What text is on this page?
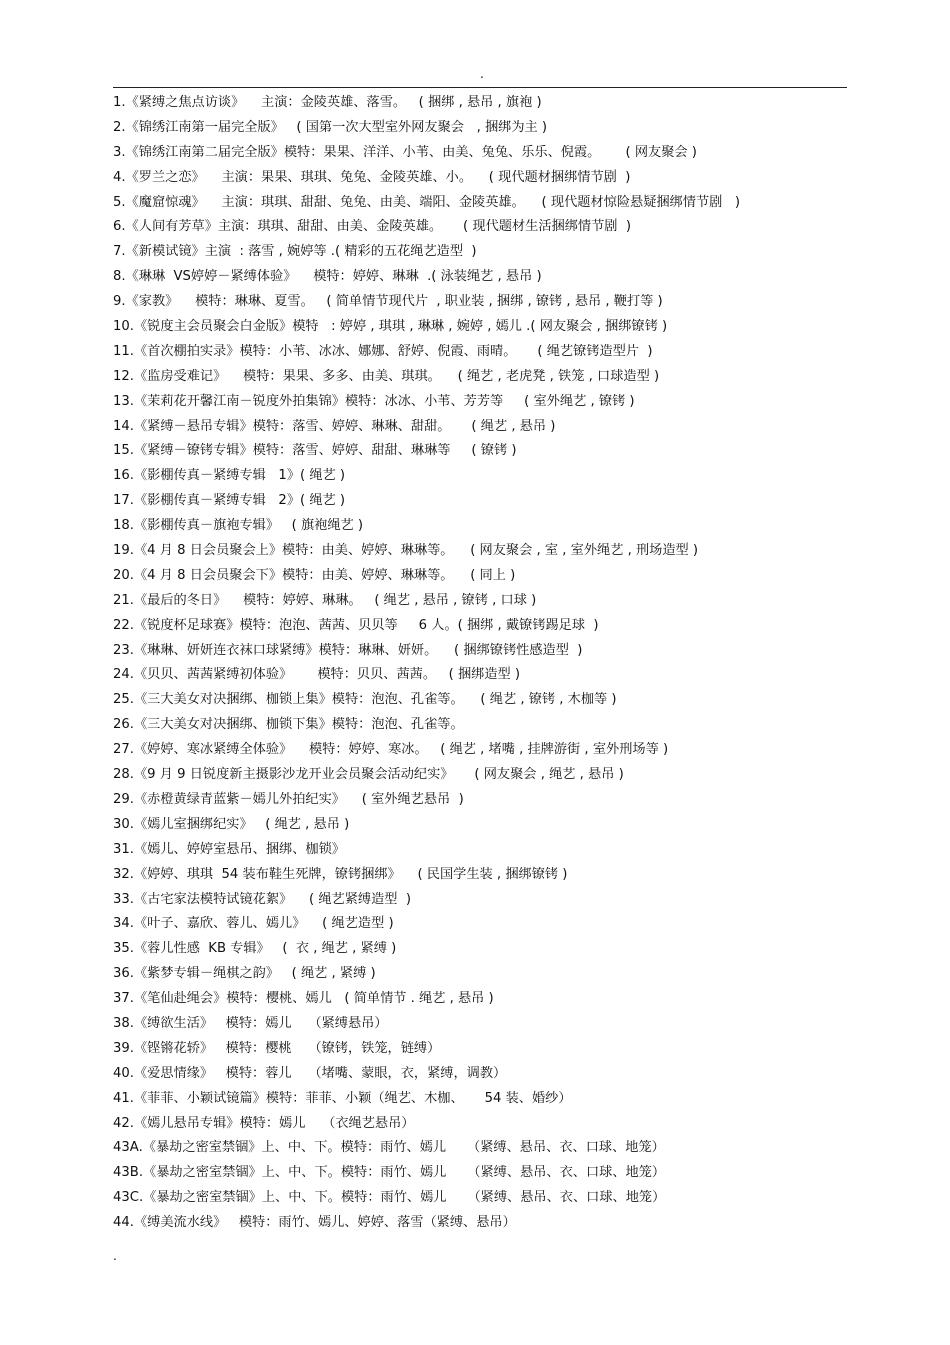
.
1.《紧缚之焦点访谈》    主演：金陵英雄、落雪。   ( 捆绑 , 悬吊 , 旗袍 )
2.《锦绣江南第一届完全版》   ( 国第一次大型室外网友聚会   , 捆绑为主 )
3.《锦绣江南第二届完全版》模特：果果、洋洋、小苇、由美、兔兔、乐乐、倪霞。      ( 网友聚会 )
4.《罗兰之恋》    主演：果果、琪琪、兔兔、金陵英雄、小。    ( 现代题材捆绑情节剧  )
5.《魔窟惊魂》    主演：琪琪、甜甜、兔兔、由美、端阳、金陵英雄。    ( 现代题材惊险悬疑捆绑情节剧   )
6.《人间有芳草》主演：琪琪、甜甜、由美、金陵英雄。     ( 现代题材生活捆绑情节剧  )
7.《新模试镜》主演  : 落雪 , 婉婷等 .( 精彩的五花绳艺造型  )
8.《琳琳  VS婷婷－紧缚体验》    模特：婷婷、琳琳  .( 泳装绳艺 , 悬吊 )
9.《家教》    模特：琳琳、夏雪。   ( 简单情节现代片  , 职业装 , 捆绑 , 镣铐 , 悬吊 , 鞭打等 )
10.《锐度主会员聚会白金版》模特   : 婷婷 , 琪琪 , 琳琳 , 婉婷 , 嫣儿 .( 网友聚会 , 捆绑镣铐 )
11.《首次棚拍实录》模特：小苇、冰冰、娜娜、舒婷、倪霞、雨晴。     ( 绳艺镣铐造型片  )
12.《监房受难记》    模特：果果、多多、由美、琪琪。    ( 绳艺 , 老虎凳 , 铁笼 , 口球造型 )
13.《茉莉花开馨江南－锐度外拍集锦》模特：冰冰、小苇、芳芳等     ( 室外绳艺 , 镣铐 )
14.《紧缚－悬吊专辑》模特：落雪、婷婷、琳琳、甜甜。     ( 绳艺 , 悬吊 )
15.《紧缚－镣铐专辑》模特：落雪、婷婷、甜甜、琳琳等     ( 镣铐 )
16.《影棚传真－紧缚专辑   1》( 绳艺 )
17.《影棚传真－紧缚专辑   2》( 绳艺 )
18.《影棚传真－旗袍专辑》   ( 旗袍绳艺 )
19.《4 月 8 日会员聚会上》模特：由美、婷婷、琳琳等。    ( 网友聚会 , 室 , 室外绳艺 , 刑场造型 )
20.《4 月 8 日会员聚会下》模特：由美、婷婷、琳琳等。    ( 同上 )
21.《最后的冬日》    模特：婷婷、琳琳。   ( 绳艺 , 悬吊 , 镣铐 , 口球 )
22.《锐度杯足球赛》模特：泡泡、茜茜、贝贝等     6 人。( 捆绑 , 戴镣铐踢足球  )
23.《琳琳、妍妍连衣袜口球紧缚》模特：琳琳、妍妍。    ( 捆绑镣铐性感造型  )
24.《贝贝、茜茜紧缚初体验》      模特：贝贝、茜茜。   ( 捆绑造型 )
25.《三大美女对决捆绑、枷锁上集》模特：泡泡、孔雀等。    ( 绳艺 , 镣铐 , 木枷等 )
26.《三大美女对决捆绑、枷锁下集》模特：泡泡、孔雀等。
27.《婷婷、寒冰紧缚全体验》    模特：婷婷、寒冰。   ( 绳艺 , 堵嘴 , 挂牌游街 , 室外刑场等 )
28.《9 月 9 日锐度新主摄影沙龙开业会员聚会活动纪实》     ( 网友聚会 , 绳艺 , 悬吊 )
29.《赤橙黄绿青蓝紫－嫣儿外拍纪实》    ( 室外绳艺悬吊  )
30.《嫣儿室捆绑纪实》   ( 绳艺 , 悬吊 )
31.《嫣儿、婷婷室悬吊、捆绑、枷锁》
32.《婷婷、琪琪  54 装布鞋生死牌，镣铐捆绑》    ( 民国学生装 , 捆绑镣铐 )
33.《古宅家法模特试镜花絮》    ( 绳艺紧缚造型  )
34.《叶子、嘉欣、蓉儿、嫣儿》    ( 绳艺造型 )
35.《蓉儿性感  KB 专辑》   (  衣 , 绳艺 , 紧缚 )
36.《紫梦专辑－绳棋之韵》   ( 绳艺 , 紧缚 )
37.《笔仙赴绳会》模特：樱桃、嫣儿   ( 简单情节 . 绳艺 , 悬吊 )
38.《缚欲生活》   模特：嫣儿    （紧缚悬吊）
39.《铿锵花轿》   模特：樱桃    （镣铐，铁笼，链缚）
40.《爱思情缘》   模特：蓉儿    （堵嘴、蒙眼，衣，紧缚，调教）
41.《菲菲、小颖试镜篇》模特：菲菲、小颖（绳艺、木枷、     54 装、婚纱）
42.《嫣儿悬吊专辑》模特：嫣儿    （衣绳艺悬吊）
43A.《暴劫之密室禁锢》上、中、下。模特：雨竹、嫣儿     （紧缚、悬吊、衣、口球、地笼）
43B.《暴劫之密室禁锢》上、中、下。模特：雨竹、嫣儿     （紧缚、悬吊、衣、口球、地笼）
43C.《暴劫之密室禁锢》上、中、下。模特：雨竹、嫣儿     （紧缚、悬吊、衣、口球、地笼）
44.《缚美流水线》   模特：雨竹、嫣儿、婷婷、落雪（紧缚、悬吊）
.
